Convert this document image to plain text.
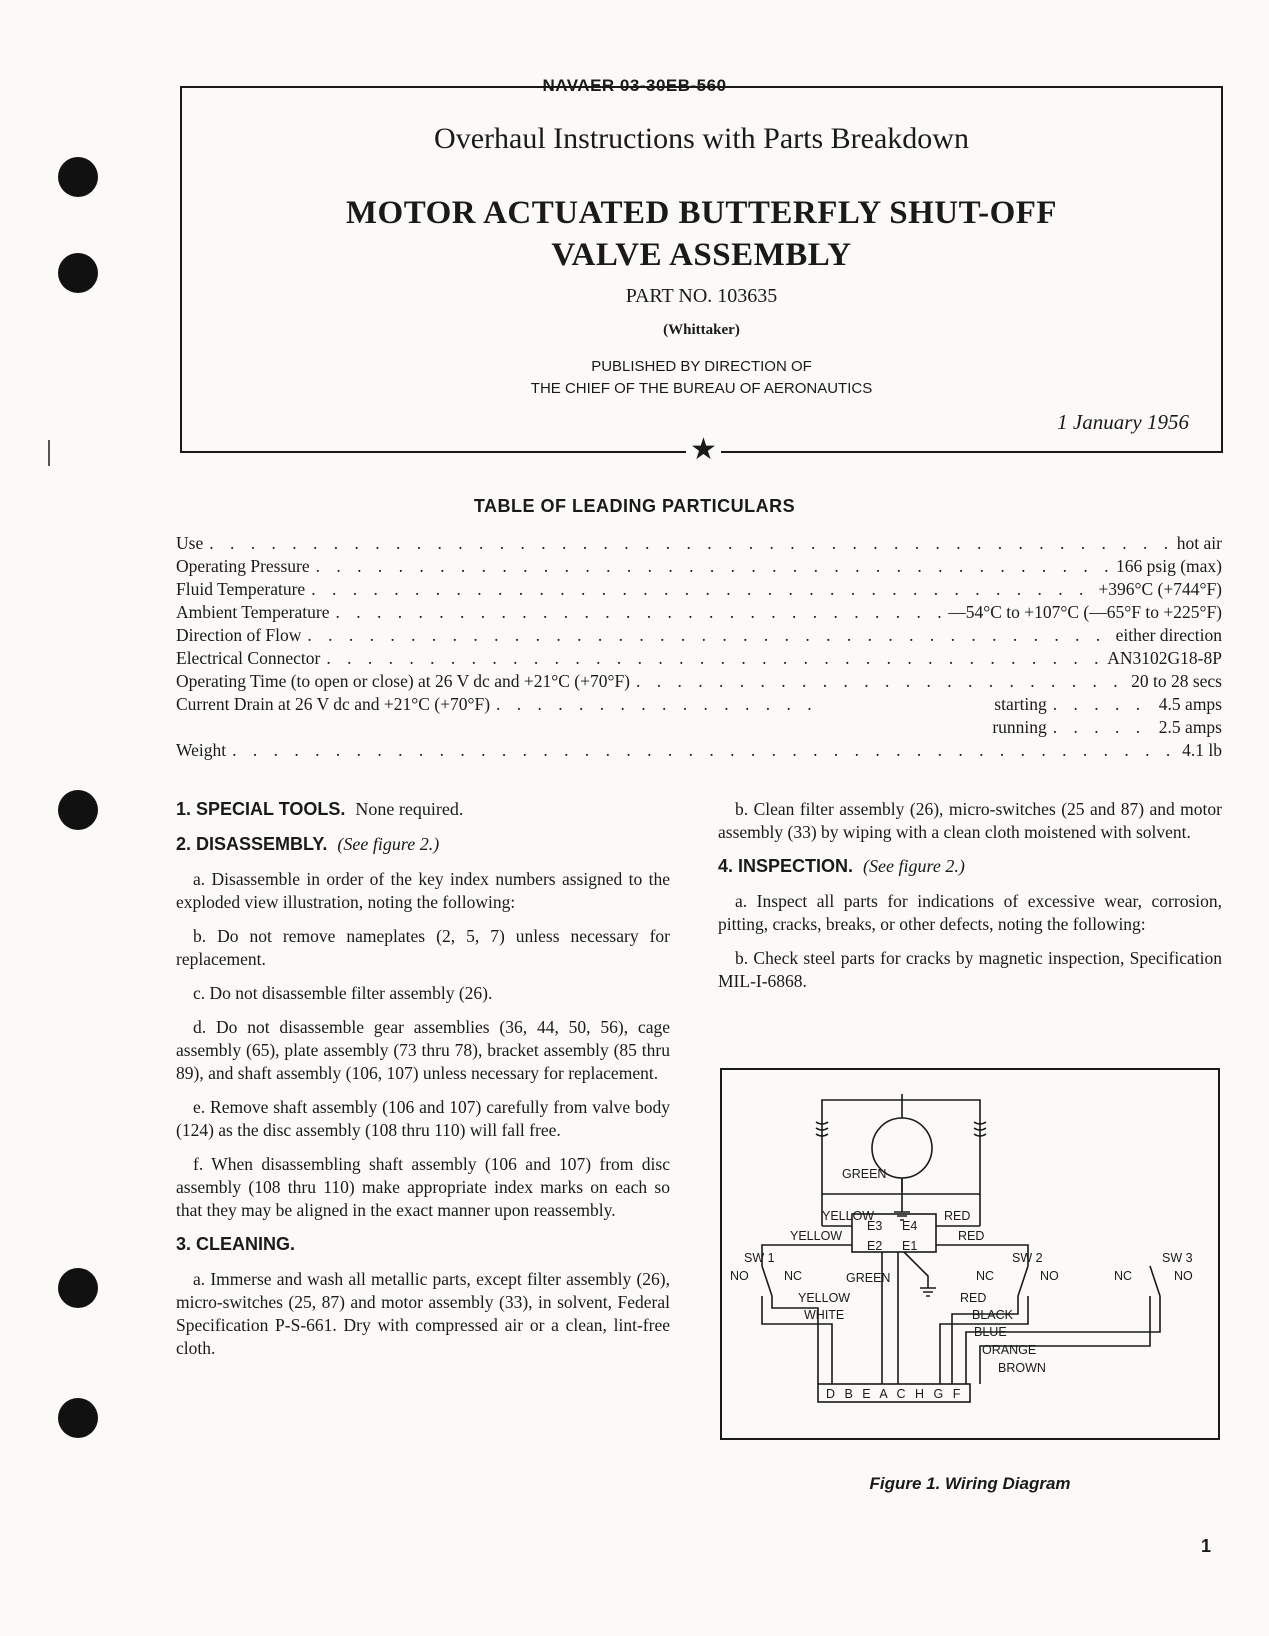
NAVAER 03-30EB-560
Overhaul Instructions with Parts Breakdown
MOTOR ACTUATED BUTTERFLY SHUT-OFF
VALVE ASSEMBLY
PART NO. 103635
(Whittaker)
PUBLISHED BY DIRECTION OF
THE CHIEF OF THE BUREAU OF AERONAUTICS
1 January 1956
★
TABLE OF LEADING PARTICULARS
Use . . .	hot air
Operating Pressure . . .	166 psig (max)
Fluid Temperature . . .	+396°C (+744°F)
Ambient Temperature . . .	—54°C to +107°C (—65°F to +225°F)
Direction of Flow . . .	either direction
Electrical Connector . . .	AN3102G18-8P
Operating Time (to open or close) at 26 V dc and +21°C (+70°F) . . .	20 to 28 secs
Current Drain at 26 V dc and +21°C (+70°F) . . .	starting . . .	4.5 amps
running . . .	2.5 amps
Weight . . .	4.1 lb
1. SPECIAL TOOLS. None required.
2. DISASSEMBLY. (See figure 2.)

a. Disassemble in order of the key index numbers assigned to the exploded view illustration, noting the following:

b. Do not remove nameplates (2, 5, 7) unless necessary for replacement.

c. Do not disassemble filter assembly (26).

d. Do not disassemble gear assemblies (36, 44, 50, 56), cage assembly (65), plate assembly (73 thru 78), bracket assembly (85 thru 89), and shaft assembly (106, 107) unless necessary for replacement.

e. Remove shaft assembly (106 and 107) carefully from valve body (124) as the disc assembly (108 thru 110) will fall free.

f. When disassembling shaft assembly (106 and 107) from disc assembly (108 thru 110) make appropriate index marks on each so that they may be aligned in the exact manner upon reassembly.

3. CLEANING.

a. Immerse and wash all metallic parts, except filter assembly (26), micro-switches (25, 87) and motor assembly (33), in solvent, Federal Specification P-S-661. Dry with compressed air or a clean, lint-free cloth.

b. Clean filter assembly (26), micro-switches (25 and 87) and motor assembly (33) by wiping with a clean cloth moistened with solvent.

4. INSPECTION. (See figure 2.)

a. Inspect all parts for indications of excessive wear, corrosion, pitting, cracks, breaks, or other defects, noting the following:

b. Check steel parts for cracks by magnetic inspection, Specification MIL-I-6868.

GREEN
YELLOW	RED
E3 E4
E2 E1
YELLOW	RED
SW 1
NO	NC
SW 2
NC	NO
SW 3
NC	NO
GREEN
YELLOW	RED
WHITE	BLACK
BLUE
ORANGE
BROWN
D B E A C H G F
Figure 1. Wiring Diagram
1
